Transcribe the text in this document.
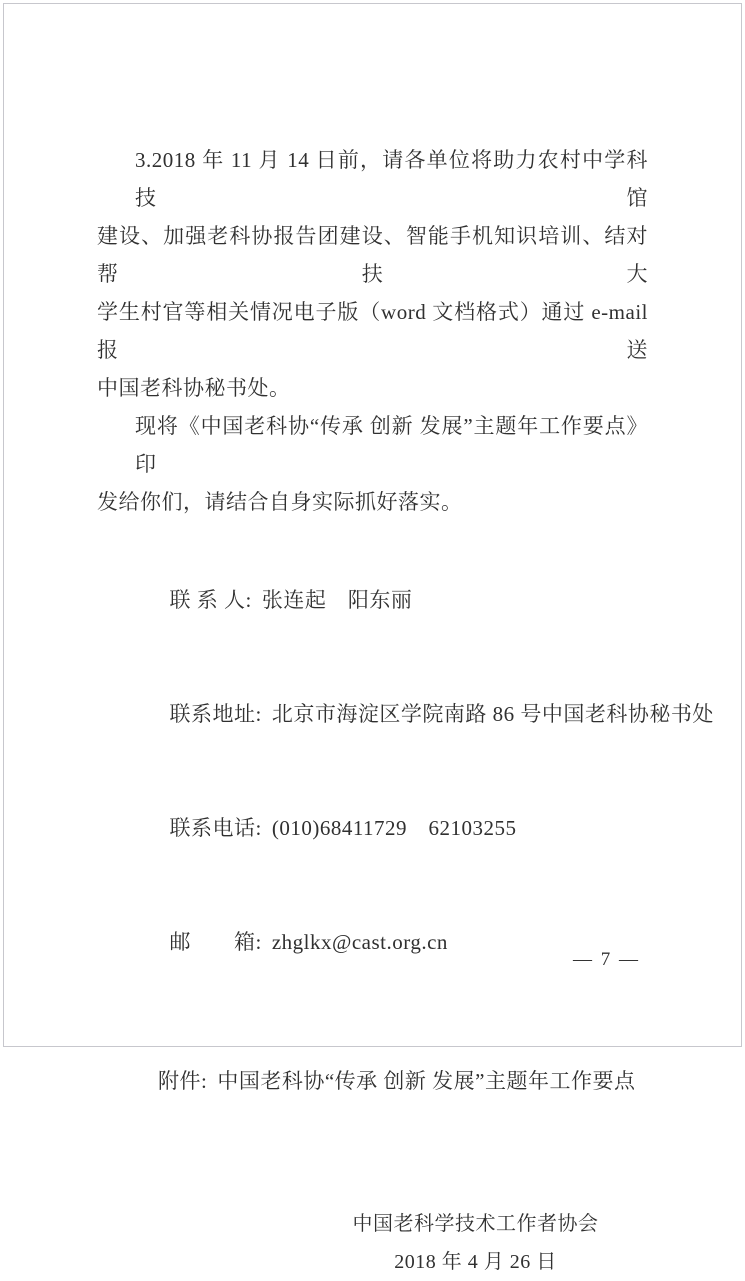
3.2018 年 11 月 14 日前，请各单位将助力农村中学科技馆
建设、加强老科协报告团建设、智能手机知识培训、结对帮扶大
学生村官等相关情况电子版（word 文档格式）通过 e-mail 报送
中国老科协秘书处。
现将《中国老科协“传承 创新 发展”主题年工作要点》印
发给你们，请结合自身实际抓好落实。

联 系 人: 张连起　阳东丽

联系地址: 北京市海淀区学院南路 86 号中国老科协秘书处

联系电话: (010)68411729　62103255

邮　　箱: zhglkx@cast.org.cn

附件: 中国老科协“传承 创新 发展”主题年工作要点

中国老科学技术工作者协会
2018 年 4 月 26 日
— 7 —
